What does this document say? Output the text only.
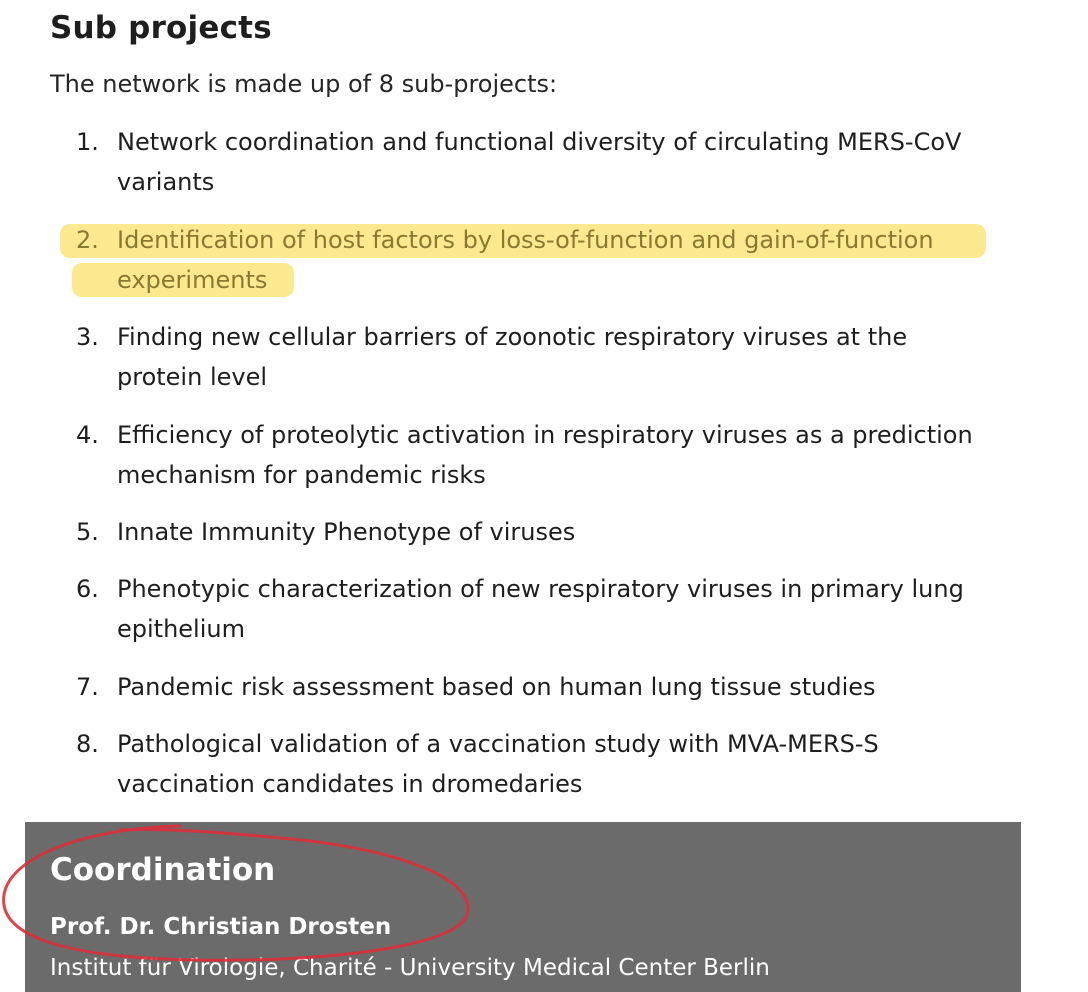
Sub projects

The network is made up of 8 sub-projects:

1. Network coordination and functional diversity of circulating MERS-CoV
variants
2. Identification of host factors by loss-of-function and gain-of-function
experiments
3. Finding new cellular barriers of zoonotic respiratory viruses at the
protein level
4. Efficiency of proteolytic activation in respiratory viruses as a prediction
mechanism for pandemic risks
5. Innate Immunity Phenotype of viruses
6. Phenotypic characterization of new respiratory viruses in primary lung
epithelium
7. Pandemic risk assessment based on human lung tissue studies
8. Pathological validation of a vaccination study with MVA-MERS-S
vaccination candidates in dromedaries
Coordination
Prof. Dr. Christian Drosten
Institut für Virologie, Charité - University Medical Center Berlin
